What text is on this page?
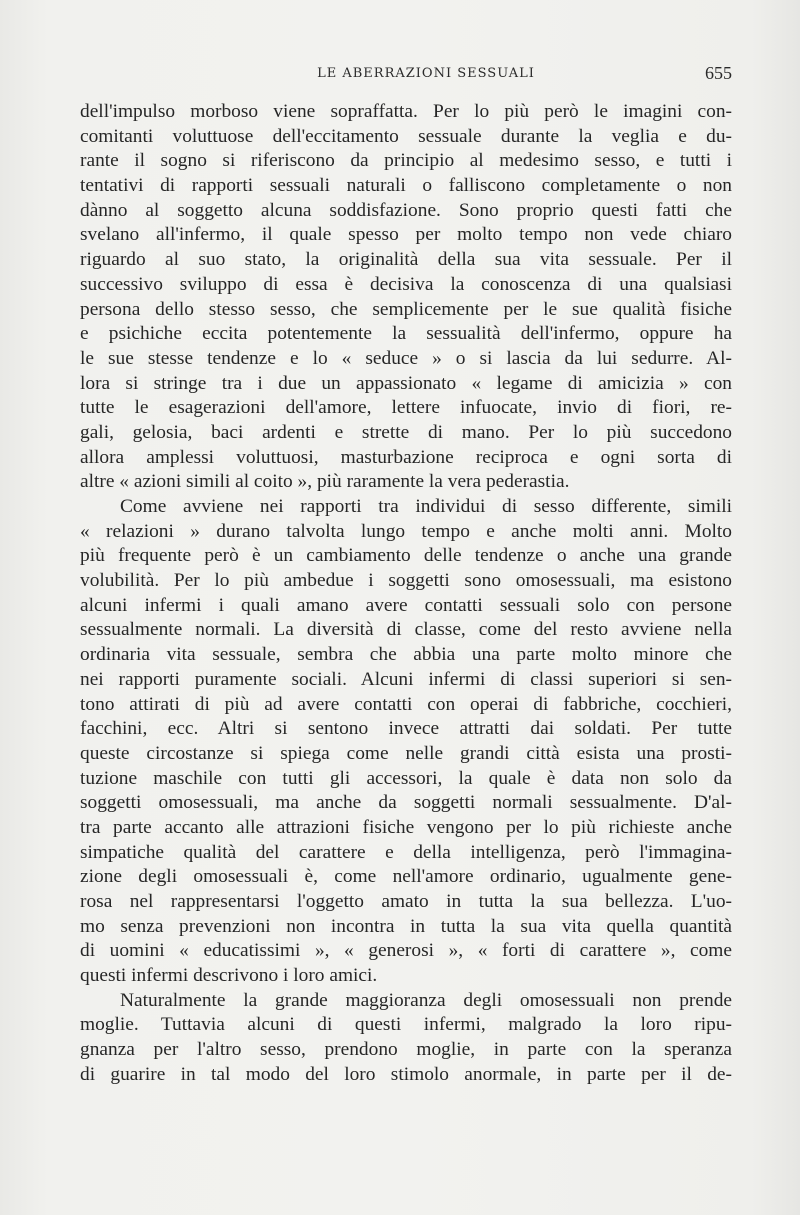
LE ABERRAZIONI SESSUALI	655
dell'impulso morboso viene sopraffatta. Per lo più però le imagini con-
comitanti voluttuose dell'eccitamento sessuale durante la veglia e du-
rante il sogno si riferiscono da principio al medesimo sesso, e tutti i
tentativi di rapporti sessuali naturali o falliscono completamente o non
dànno al soggetto alcuna soddisfazione. Sono proprio questi fatti che
svelano all'infermo, il quale spesso per molto tempo non vede chiaro
riguardo al suo stato, la originalità della sua vita sessuale. Per il
successivo sviluppo di essa è decisiva la conoscenza di una qualsiasi
persona dello stesso sesso, che semplicemente per le sue qualità fisiche
e psichiche eccita potentemente la sessualità dell'infermo, oppure ha
le sue stesse tendenze e lo « seduce » o si lascia da lui sedurre. Al-
lora si stringe tra i due un appassionato « legame di amicizia » con
tutte le esagerazioni dell'amore, lettere infuocate, invio di fiori, re-
gali, gelosia, baci ardenti e strette di mano. Per lo più succedono
allora amplessi voluttuosi, masturbazione reciproca e ogni sorta di
altre « azioni simili al coito », più raramente la vera pederastia.
Come avviene nei rapporti tra individui di sesso differente, simili
« relazioni » durano talvolta lungo tempo e anche molti anni. Molto
più frequente però è un cambiamento delle tendenze o anche una grande
volubilità. Per lo più ambedue i soggetti sono omosessuali, ma esistono
alcuni infermi i quali amano avere contatti sessuali solo con persone
sessualmente normali. La diversità di classe, come del resto avviene nella
ordinaria vita sessuale, sembra che abbia una parte molto minore che
nei rapporti puramente sociali. Alcuni infermi di classi superiori si sen-
tono attirati di più ad avere contatti con operai di fabbriche, cocchieri,
facchini, ecc. Altri si sentono invece attratti dai soldati. Per tutte
queste circostanze si spiega come nelle grandi città esista una prosti-
tuzione maschile con tutti gli accessori, la quale è data non solo da
soggetti omosessuali, ma anche da soggetti normali sessualmente. D'al-
tra parte accanto alle attrazioni fisiche vengono per lo più richieste anche
simpatiche qualità del carattere e della intelligenza, però l'immagina-
zione degli omosessuali è, come nell'amore ordinario, ugualmente gene-
rosa nel rappresentarsi l'oggetto amato in tutta la sua bellezza. L'uo-
mo senza prevenzioni non incontra in tutta la sua vita quella quantità
di uomini « educatissimi », « generosi », « forti di carattere », come
questi infermi descrivono i loro amici.
Naturalmente la grande maggioranza degli omosessuali non prende
moglie. Tuttavia alcuni di questi infermi, malgrado la loro ripu-
gnanza per l'altro sesso, prendono moglie, in parte con la speranza
di guarire in tal modo del loro stimolo anormale, in parte per il de-
